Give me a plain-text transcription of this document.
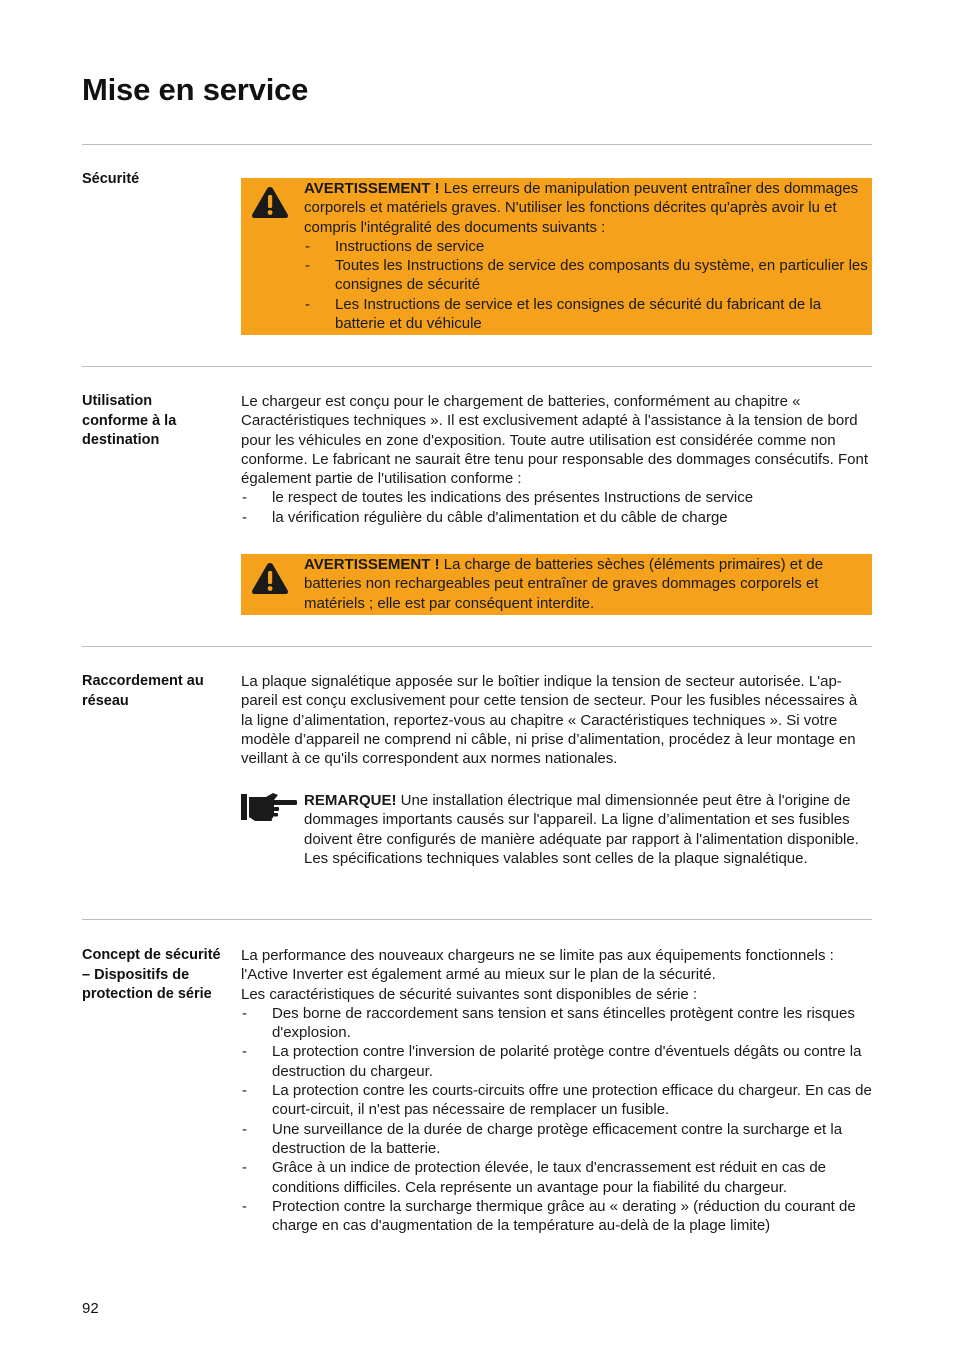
Mise en service
Sécurité

AVERTISSEMENT ! Les erreurs de manipulation peuvent entraîner des dommages corporels et matériels graves. N'utiliser les fonctions décrites qu'après avoir lu et compris l'intégralité des documents suivants :

- Instructions de service
- Toutes les Instructions de service des composants du système, en particulier les consignes de sécurité
- Les Instructions de service et les consignes de sécurité du fabricant de la batterie et du véhicule
Utilisation conforme à la destination

Le chargeur est conçu pour le chargement de batteries, conformément au chapitre « Caractéristiques techniques ». Il est exclusivement adapté à l'assistance à la tension de bord pour les véhicules en zone d'exposition. Toute autre utilisation est considérée comme non conforme. Le fabricant ne saurait être tenu pour responsable des dommages consécutifs. Font également partie de l'utilisation conforme :

- le respect de toutes les indications des présentes Instructions de service
- la vérification régulière du câble d'alimentation et du câble de charge

AVERTISSEMENT ! La charge de batteries sèches (éléments primaires) et de batteries non rechargeables peut entraîner de graves dommages corporels et matériels ; elle est par conséquent interdite.

Raccordement au réseau

La plaque signalétique apposée sur le boîtier indique la tension de secteur autorisée. L'appareil est conçu exclusivement pour cette tension de secteur. Pour les fusibles nécessaires à la ligne d’alimentation, reportez-vous au chapitre « Caractéristiques techniques ». Si votre modèle d’appareil ne comprend ni câble, ni prise d’alimentation, procédez à leur montage en veillant à ce qu'ils correspondent aux normes nationales.

REMARQUE! Une installation électrique mal dimensionnée peut être à l'origine de dommages importants causés sur l'appareil. La ligne d’alimentation et ses fusibles doivent être configurés de manière adéquate par rapport à l'alimentation disponible. Les spécifications techniques valables sont celles de la plaque signalétique.

Concept de sécurité – Dispositifs de protection de série

La performance des nouveaux chargeurs ne se limite pas aux équipements fonctionnels : l'Active Inverter est également armé au mieux sur le plan de la sécurité.

Les caractéristiques de sécurité suivantes sont disponibles de série :

- Des borne de raccordement sans tension et sans étincelles protègent contre les risques d'explosion.
- La protection contre l'inversion de polarité protège contre d'éventuels dégâts ou contre la destruction du chargeur.
- La protection contre les courts-circuits offre une protection efficace du chargeur. En cas de court-circuit, il n'est pas nécessaire de remplacer un fusible.
- Une surveillance de la durée de charge protège efficacement contre la surcharge et la destruction de la batterie.
- Grâce à un indice de protection élevée, le taux d'encrassement est réduit en cas de conditions difficiles. Cela représente un avantage pour la fiabilité du chargeur.
- Protection contre la surcharge thermique grâce au « derating » (réduction du courant de charge en cas d'augmentation de la température au-delà de la plage limite)
92
